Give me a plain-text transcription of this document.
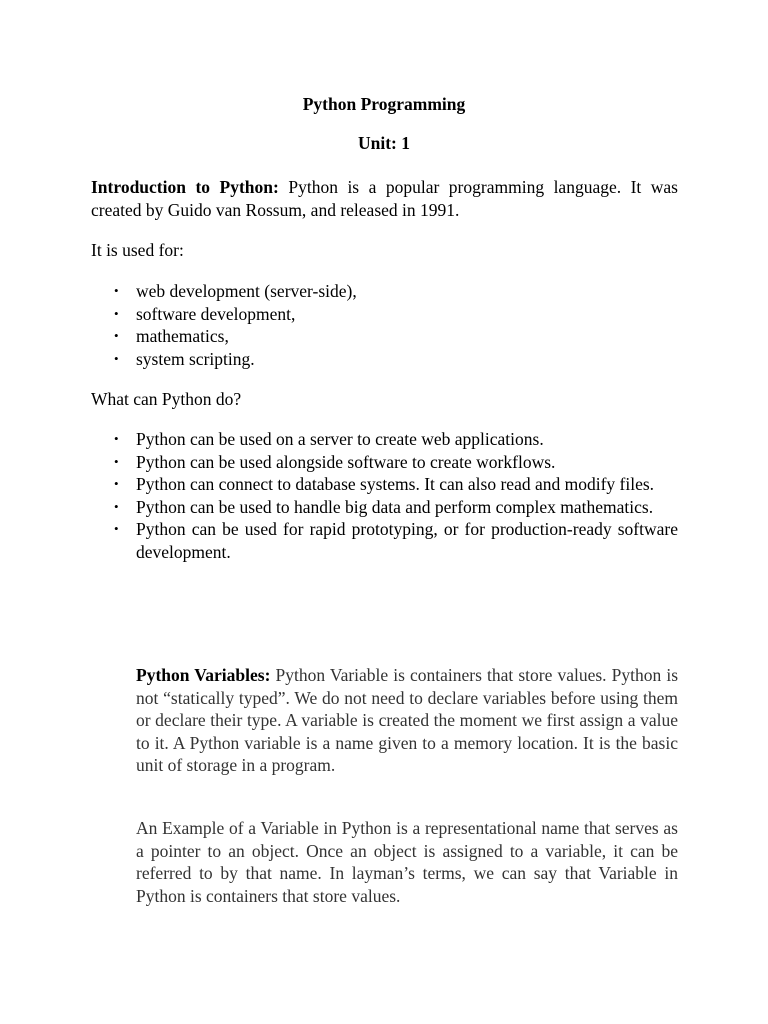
Python Programming
Unit: 1
Introduction to Python: Python is a popular programming language. It was created by Guido van Rossum, and released in 1991.
It is used for:
• web development (server-side),
• software development,
• mathematics,
• system scripting.
What can Python do?
• Python can be used on a server to create web applications.
• Python can be used alongside software to create workflows.
• Python can connect to database systems. It can also read and modify files.
• Python can be used to handle big data and perform complex mathematics.
• Python can be used for rapid prototyping, or for production-ready software development.
Python Variables: Python Variable is containers that store values. Python is not “statically typed”. We do not need to declare variables before using them or declare their type. A variable is created the moment we first assign a value to it. A Python variable is a name given to a memory location. It is the basic unit of storage in a program.
An Example of a Variable in Python is a representational name that serves as a pointer to an object. Once an object is assigned to a variable, it can be referred to by that name. In layman’s terms, we can say that Variable in Python is containers that store values.
